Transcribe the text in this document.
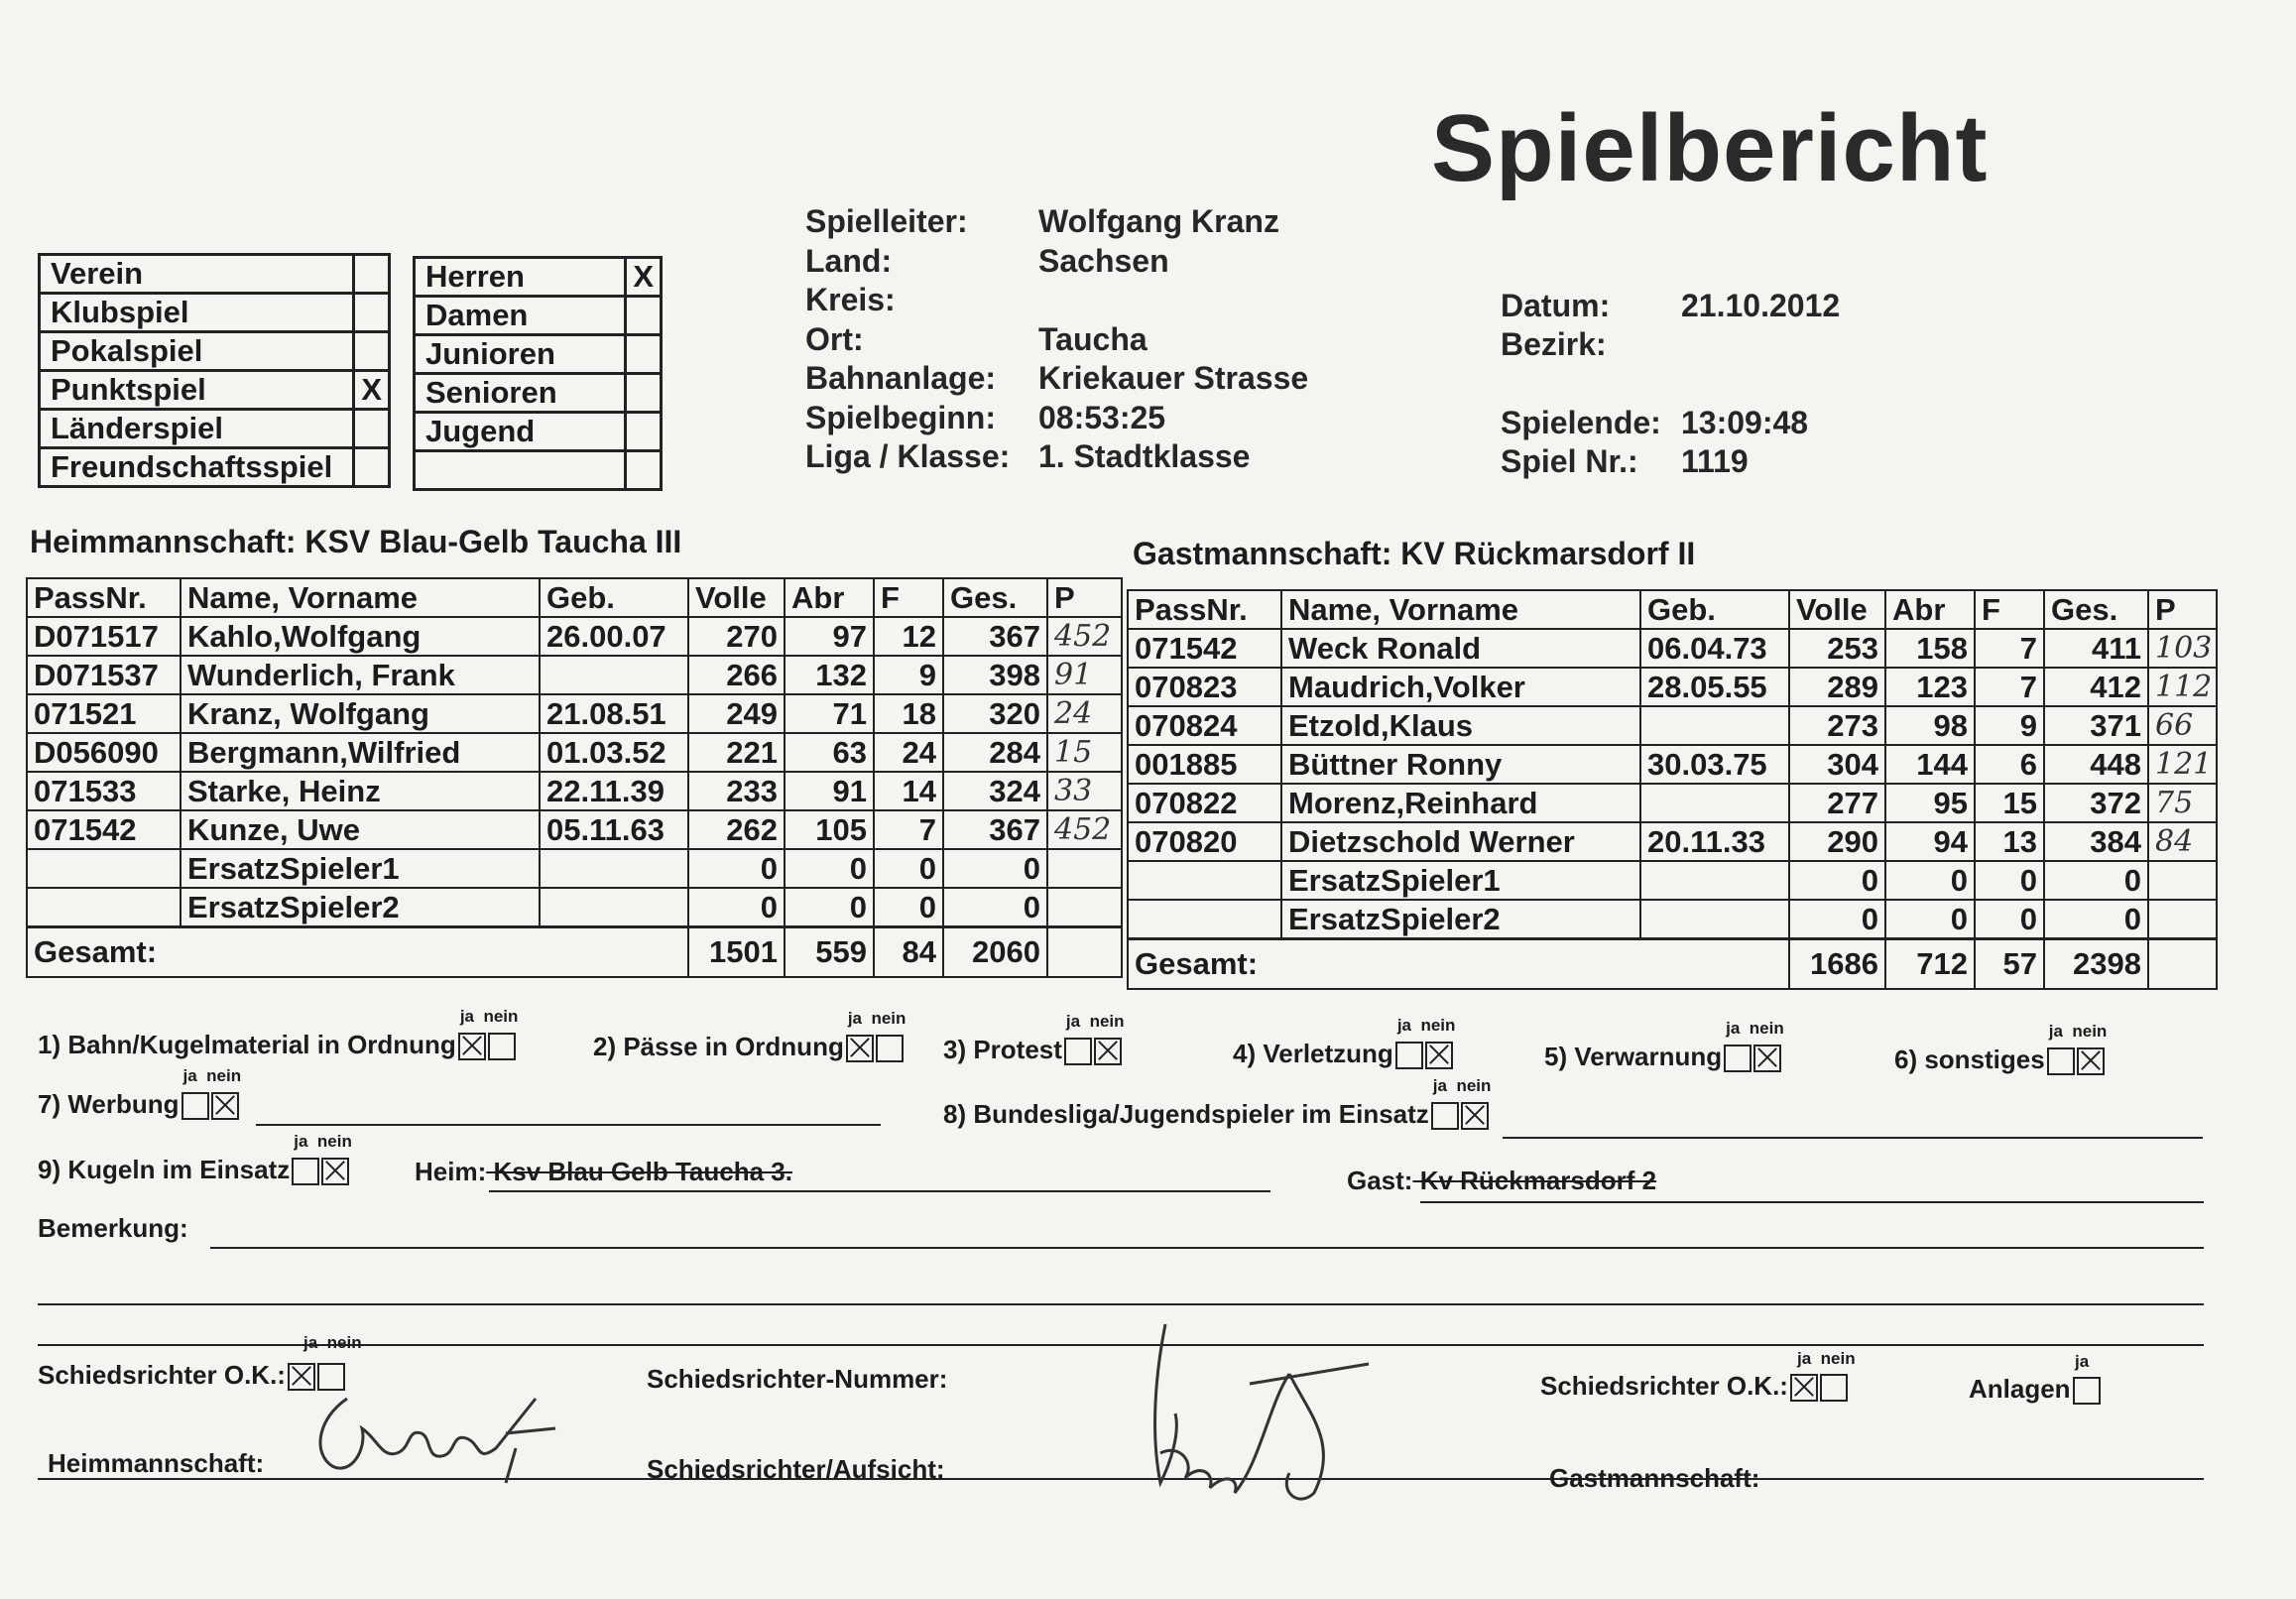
Spielbericht
Verein	
Klubspiel	
Pokalspiel	
Punktspiel	X
Länderspiel	
Freundschaftsspiel	
Herren	X
Damen	
Junioren	
Senioren	
Jugend	

Spielleiter: Wolfgang Kranz
Land:	Sachsen
Kreis:
Ort:	Taucha
Bahnanlage: Kriekauer Strasse
Spielbeginn: 08:53:25
Liga / Klasse: 1. Stadtklasse
Datum: 21.10.2012
Bezirk:
Spielende: 13:09:48
Spiel Nr.: 1119
Heimmannschaft: KSV Blau-Gelb Taucha III	Gastmannschaft: KV Rückmarsdorf II
PassNr.	Name, Vorname	Geb.	Volle	Abr	F	Ges.	P
D071517	Kahlo,Wolfgang	26.00.07	270	97	12	367	452
D071537	Wunderlich, Frank		266	132	9	398	91
071521	Kranz, Wolfgang	21.08.51	249	71	18	320	24
D056090	Bergmann,Wilfried	01.03.52	221	63	24	284	15
071533	Starke, Heinz	22.11.39	233	91	14	324	33
071542	Kunze, Uwe	05.11.63	262	105	7	367	452
	ErsatzSpieler1		0	0	0	0	
	ErsatzSpieler2		0	0	0	0	
Gesamt:			1501	559	84	2060	
PassNr.	Name, Vorname	Geb.	Volle	Abr	F	Ges.	P
071542	Weck Ronald	06.04.73	253	158	7	411	103
070823	Maudrich,Volker	28.05.55	289	123	7	412	112
070824	Etzold,Klaus		273	98	9	371	66
001885	Büttner Ronny	30.03.75	304	144	6	448	121
070822	Morenz,Reinhard		277	95	15	372	75
070820	Dietzschold Werner	20.11.33	290	94	13	384	84
	ErsatzSpieler1		0	0	0	0	
	ErsatzSpieler2		0	0	0	0	
Gesamt:			1686	712	57	2398	
1) Bahn/Kugelmaterial in Ordnung	2) Pässe in Ordnung	3) Protest	4) Verletzung	5) Verwarnung	6) sonstiges
7) Werbung	8) Bundesliga/Jugendspieler im Einsatz
9) Kugeln im Einsatz
ja nein	ja nein	ja nein	ja nein	ja nein	ja nein
ja nein
ja nein
ja nein
Heim: Ksv Blau Gelb Taucha 3.	Gast: Kv Rückmarsdorf 2
Bemerkung:
Schiedsrichter O.K.:
ja nein
Schiedsrichter-Nummer:	Schiedsrichter O.K.:
ja nein
Anlagen
ja
Heimmannschaft:	Schiedsrichter/Aufsicht:	Gastmannschaft:
